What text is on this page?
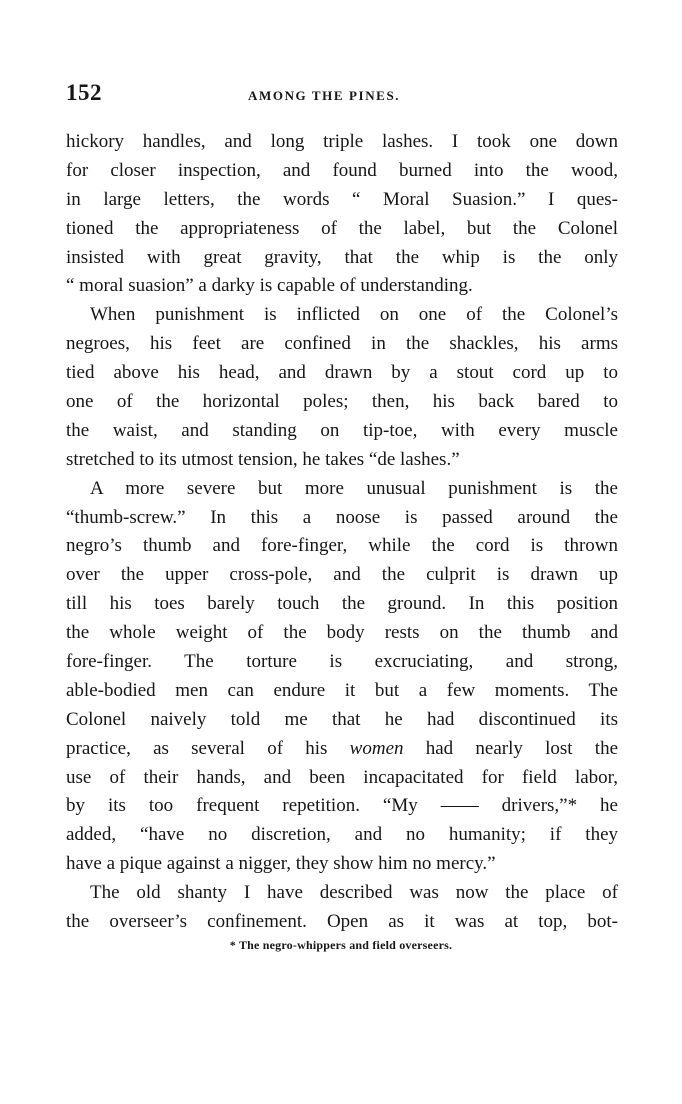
152	AMONG THE PINES.
hickory handles, and long triple lashes. I took one down
for closer inspection, and found burned into the wood,
in large letters, the words “ Moral Suasion.” I ques-
tioned the appropriateness of the label, but the Colonel
insisted with great gravity, that the whip is the only
“ moral suasion” a darky is capable of understanding.
When punishment is inflicted on one of the Colonel’s
negroes, his feet are confined in the shackles, his arms
tied above his head, and drawn by a stout cord up to
one of the horizontal poles; then, his back bared to
the waist, and standing on tip-toe, with every muscle
stretched to its utmost tension, he takes “de lashes.”
A more severe but more unusual punishment is the
“thumb-screw.” In this a noose is passed around the
negro’s thumb and fore-finger, while the cord is thrown
over the upper cross-pole, and the culprit is drawn up
till his toes barely touch the ground. In this position
the whole weight of the body rests on the thumb and
fore-finger. The torture is excruciating, and strong,
able-bodied men can endure it but a few moments. The
Colonel naively told me that he had discontinued its
practice, as several of his women had nearly lost the
use of their hands, and been incapacitated for field labor,
by its too frequent repetition. “My —— drivers,”* he
added, “have no discretion, and no humanity; if they
have a pique against a nigger, they show him no mercy.”
The old shanty I have described was now the place of
the overseer’s confinement. Open as it was at top, bot-
* The negro-whippers and field overseers.
